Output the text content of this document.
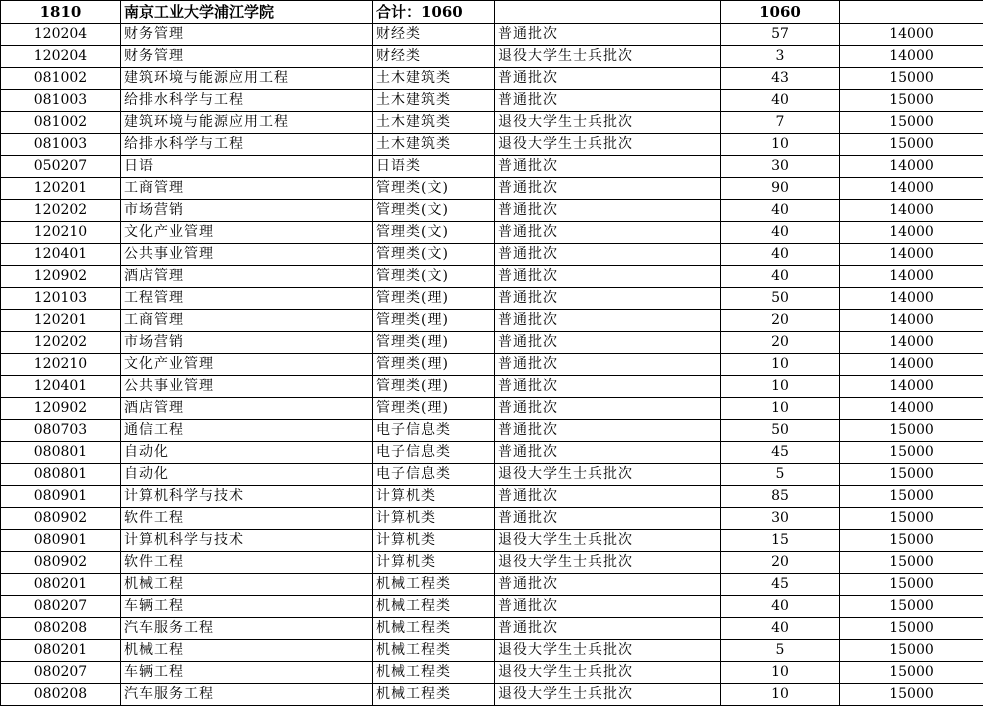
1810	南京工业大学浦江学院	合计：1060		1060	
120204	财务管理	财经类	普通批次	57	14000
120204	财务管理	财经类	退役大学生士兵批次	3	14000
081002	建筑环境与能源应用工程	土木建筑类	普通批次	43	15000
081003	给排水科学与工程	土木建筑类	普通批次	40	15000
081002	建筑环境与能源应用工程	土木建筑类	退役大学生士兵批次	7	15000
081003	给排水科学与工程	土木建筑类	退役大学生士兵批次	10	15000
050207	日语	日语类	普通批次	30	14000
120201	工商管理	管理类(文)	普通批次	90	14000
120202	市场营销	管理类(文)	普通批次	40	14000
120210	文化产业管理	管理类(文)	普通批次	40	14000
120401	公共事业管理	管理类(文)	普通批次	40	14000
120902	酒店管理	管理类(文)	普通批次	40	14000
120103	工程管理	管理类(理)	普通批次	50	14000
120201	工商管理	管理类(理)	普通批次	20	14000
120202	市场营销	管理类(理)	普通批次	20	14000
120210	文化产业管理	管理类(理)	普通批次	10	14000
120401	公共事业管理	管理类(理)	普通批次	10	14000
120902	酒店管理	管理类(理)	普通批次	10	14000
080703	通信工程	电子信息类	普通批次	50	15000
080801	自动化	电子信息类	普通批次	45	15000
080801	自动化	电子信息类	退役大学生士兵批次	5	15000
080901	计算机科学与技术	计算机类	普通批次	85	15000
080902	软件工程	计算机类	普通批次	30	15000
080901	计算机科学与技术	计算机类	退役大学生士兵批次	15	15000
080902	软件工程	计算机类	退役大学生士兵批次	20	15000
080201	机械工程	机械工程类	普通批次	45	15000
080207	车辆工程	机械工程类	普通批次	40	15000
080208	汽车服务工程	机械工程类	普通批次	40	15000
080201	机械工程	机械工程类	退役大学生士兵批次	5	15000
080207	车辆工程	机械工程类	退役大学生士兵批次	10	15000
080208	汽车服务工程	机械工程类	退役大学生士兵批次	10	15000
